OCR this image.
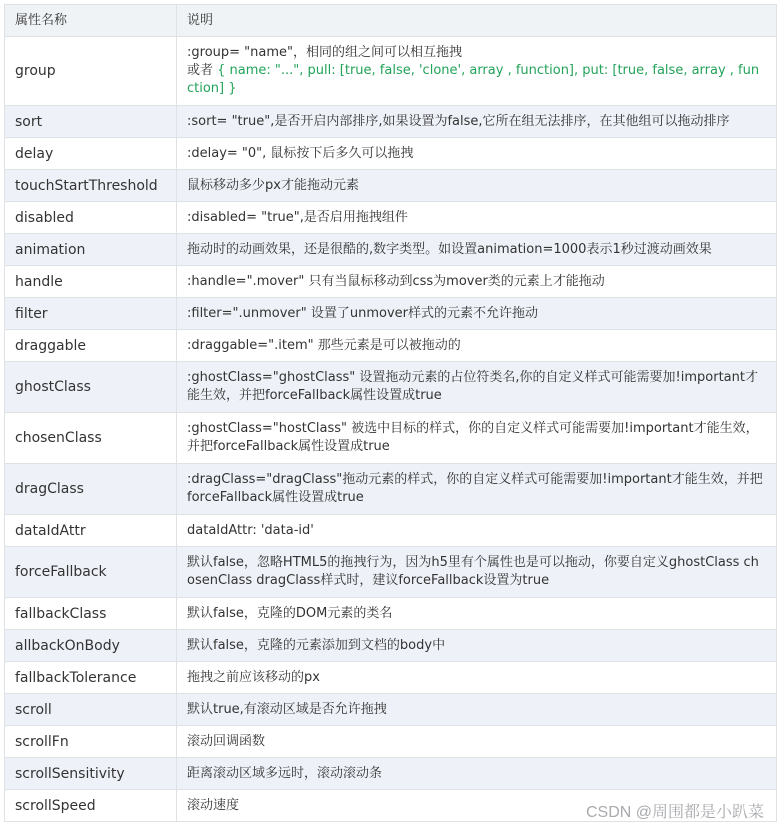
属性名称	说明
group	:group= "name"，相同的组之间可以相互拖拽
或者 { name: "...", pull: [true, false, 'clone', array , function], put: [true, false, array , function] }
sort	:sort= "true",是否开启内部排序,如果设置为false,它所在组无法排序，在其他组可以拖动排序
delay	:delay= "0", 鼠标按下后多久可以拖拽
touchStartThreshold	鼠标移动多少px才能拖动元素
disabled	:disabled= "true",是否启用拖拽组件
animation	拖动时的动画效果，还是很酷的,数字类型。如设置animation=1000表示1秒过渡动画效果
handle	:handle=".mover" 只有当鼠标移动到css为mover类的元素上才能拖动
filter	:filter=".unmover" 设置了unmover样式的元素不允许拖动
draggable	:draggable=".item" 那些元素是可以被拖动的
ghostClass	:ghostClass="ghostClass" 设置拖动元素的占位符类名,你的自定义样式可能需要加!important才能生效，并把forceFallback属性设置成true
chosenClass	:ghostClass="hostClass" 被选中目标的样式，你的自定义样式可能需要加!important才能生效，并把forceFallback属性设置成true
dragClass	:dragClass="dragClass"拖动元素的样式，你的自定义样式可能需要加!important才能生效，并把forceFallback属性设置成true
dataIdAttr	dataIdAttr: 'data-id'
forceFallback	默认false，忽略HTML5的拖拽行为，因为h5里有个属性也是可以拖动，你要自定义ghostClass chosenClass dragClass样式时，建议forceFallback设置为true
fallbackClass	默认false，克隆的DOM元素的类名
allbackOnBody	默认false，克隆的元素添加到文档的body中
fallbackTolerance	拖拽之前应该移动的px
scroll	默认true,有滚动区域是否允许拖拽
scrollFn	滚动回调函数
scrollSensitivity	距离滚动区域多远时，滚动滚动条
scrollSpeed	滚动速度	CSDN @周围都是小趴菜
